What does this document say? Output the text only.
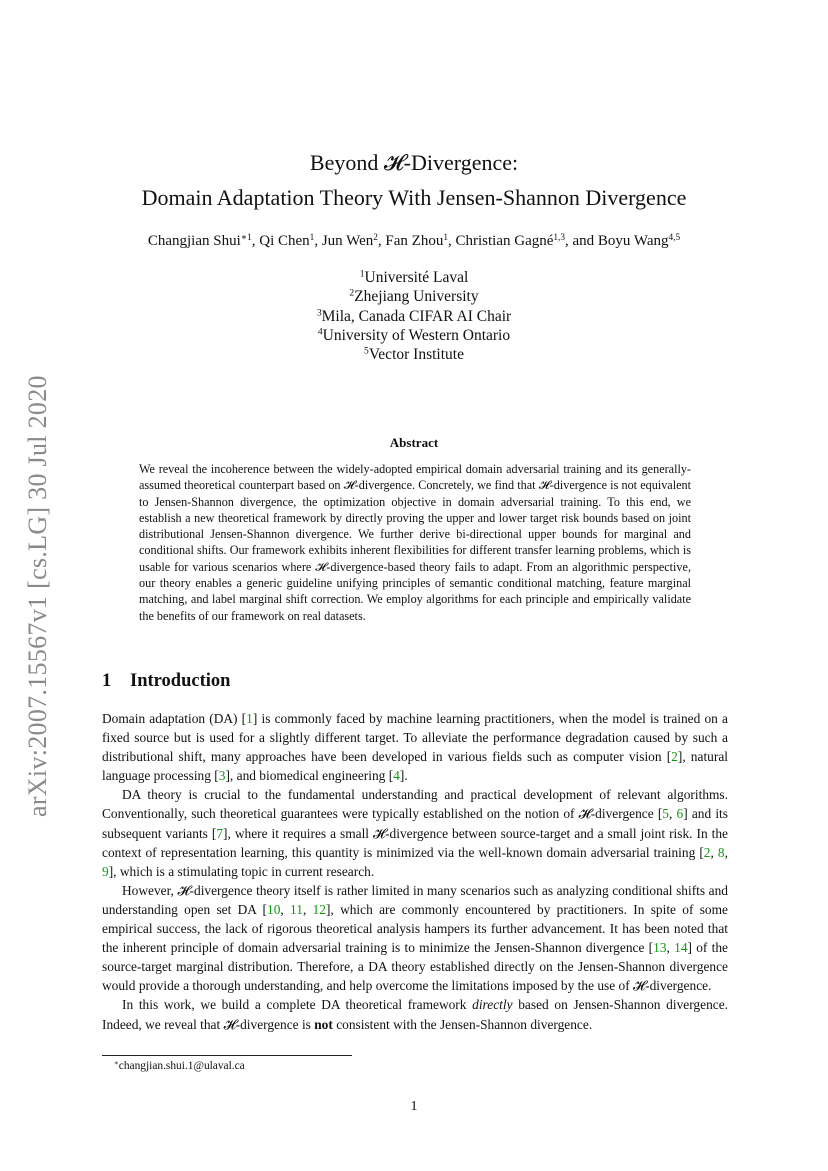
arXiv:2007.15567v1 [cs.LG] 30 Jul 2020
Beyond 𝓗-Divergence:
Domain Adaptation Theory With Jensen-Shannon Divergence
Changjian Shui$^{∗1}$, Qi Chen$^1$, Jun Wen$^2$, Fan Zhou$^1$, Christian Gagné$^{1,3}$, and Boyu Wang$^{4,5}$
$^1$Université Laval
$^2$Zhejiang University
$^3$Mila, Canada CIFAR AI Chair
$^4$University of Western Ontario
$^5$Vector Institute
Abstract

We reveal the incoherence between the widely-adopted empirical domain adversarial training and its generally-assumed theoretical counterpart based on 𝓗-divergence. Concretely, we find that 𝓗-divergence is not equivalent to Jensen-Shannon divergence, the optimization objective in domain adversarial training. To this end, we establish a new theoretical framework by directly proving the upper and lower target risk bounds based on joint distributional Jensen-Shannon divergence. We further derive bi-directional upper bounds for marginal and conditional shifts. Our framework exhibits inherent flexibilities for different transfer learning problems, which is usable for various scenarios where 𝓗-divergence-based theory fails to adapt. From an algorithmic perspective, our theory enables a generic guideline unifying principles of semantic conditional matching, feature marginal matching, and label marginal shift correction. We employ algorithms for each principle and empirically validate the benefits of our framework on real datasets.

1 Introduction

Domain adaptation (DA) [1] is commonly faced by machine learning practitioners, when the model is trained on a fixed source but is used for a slightly different target. To alleviate the performance degradation caused by such a distributional shift, many approaches have been developed in various fields such as computer vision [2], natural language processing [3], and biomedical engineering [4].

DA theory is crucial to the fundamental understanding and practical development of relevant algorithms. Conventionally, such theoretical guarantees were typically established on the notion of 𝓗-divergence [5, 6] and its subsequent variants [7], where it requires a small 𝓗-divergence between source-target and a small joint risk. In the context of representation learning, this quantity is minimized via the well-known domain adversarial training [2, 8, 9], which is a stimulating topic in current research.

However, 𝓗-divergence theory itself is rather limited in many scenarios such as analyzing conditional shifts and understanding open set DA [10, 11, 12], which are commonly encountered by practitioners. In spite of some empirical success, the lack of rigorous theoretical analysis hampers its further advancement. It has been noted that the inherent principle of domain adversarial training is to minimize the Jensen-Shannon divergence [13, 14] of the source-target marginal distribution. Therefore, a DA theory established directly on the Jensen-Shannon divergence would provide a thorough understanding, and help overcome the limitations imposed by the use of 𝓗-divergence.

In this work, we build a complete DA theoretical framework directly based on Jensen-Shannon divergence. Indeed, we reveal that 𝓗-divergence is not consistent with the Jensen-Shannon divergence.

∗changjian.shui.1@ulaval.ca
1
